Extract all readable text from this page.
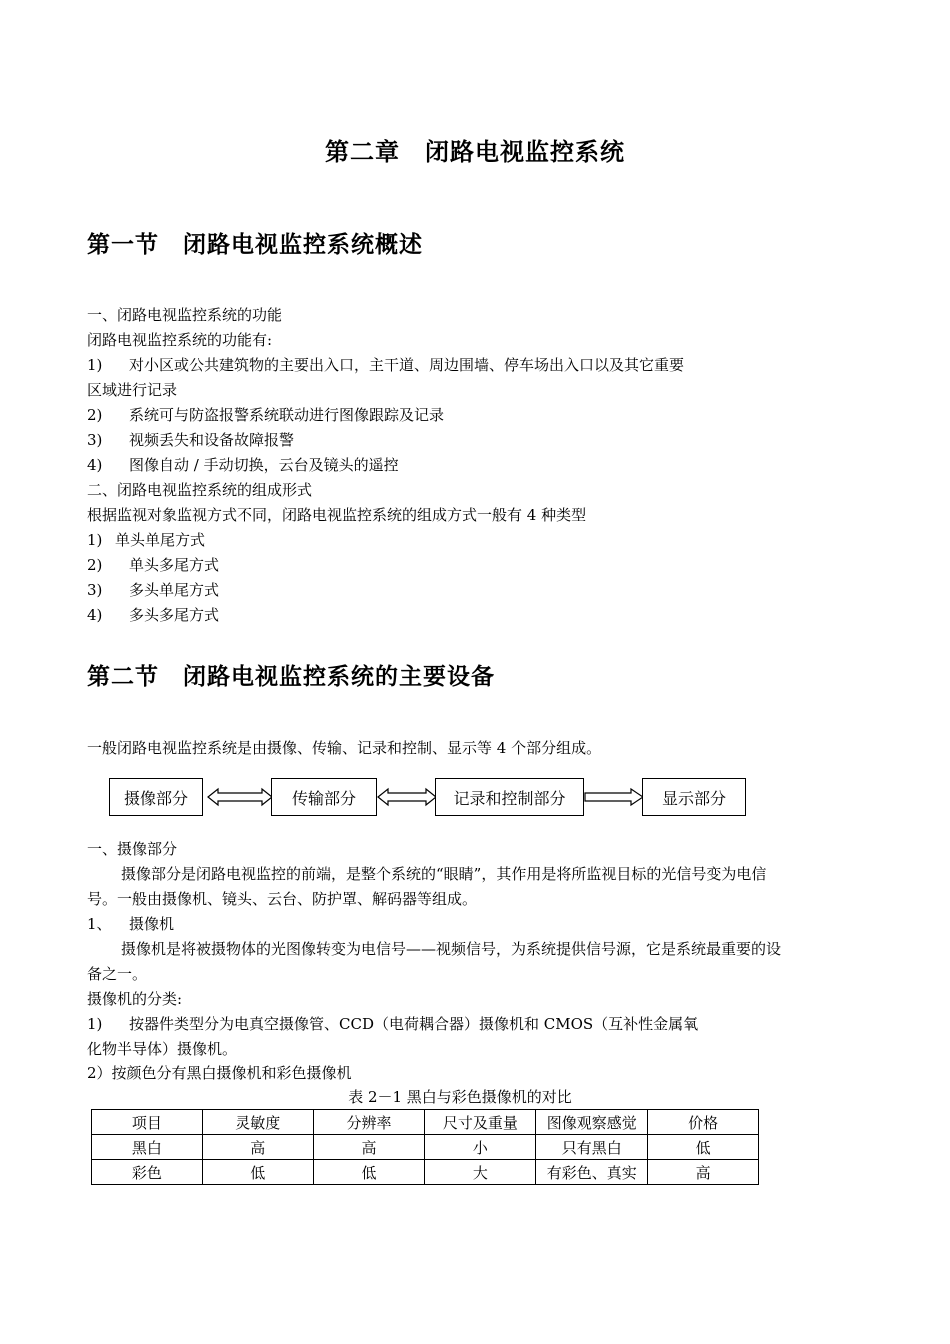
第二章　闭路电视监控系统
第一节　闭路电视监控系统概述
一、闭路电视监控系统的功能
闭路电视监控系统的功能有:
1) 对小区或公共建筑物的主要出入口，主干道、周边围墙、停车场出入口以及其它重要
区域进行记录
2) 系统可与防盗报警系统联动进行图像跟踪及记录
3) 视频丢失和设备故障报警
4) 图像自动 / 手动切换，云台及镜头的遥控
二、闭路电视监控系统的组成形式
根据监视对象监视方式不同，闭路电视监控系统的组成方式一般有 4 种类型
1) 单头单尾方式
2) 单头多尾方式
3) 多头单尾方式
4) 多头多尾方式
第二节　闭路电视监控系统的主要设备
一般闭路电视监控系统是由摄像、传输、记录和控制、显示等 4 个部分组成。
摄像部分	传输部分	记录和控制部分	显示部分
一、摄像部分
摄像部分是闭路电视监控的前端，是整个系统的“眼睛”，其作用是将所监视目标的光信号变为电信
号。一般由摄像机、镜头、云台、防护罩、解码器等组成。
1、 摄像机
摄像机是将被摄物体的光图像转变为电信号——视频信号，为系统提供信号源，它是系统最重要的设
备之一。
摄像机的分类:
1) 按器件类型分为电真空摄像管、CCD（电荷耦合器）摄像机和 CMOS（互补性金属氧
化物半导体）摄像机。
2）按颜色分有黑白摄像机和彩色摄像机
表 2－1 黑白与彩色摄像机的对比
项目	灵敏度	分辨率	尺寸及重量	图像观察感觉	价格
黑白	高	高	小	只有黑白	低
彩色	低	低	大	有彩色、真实	高
